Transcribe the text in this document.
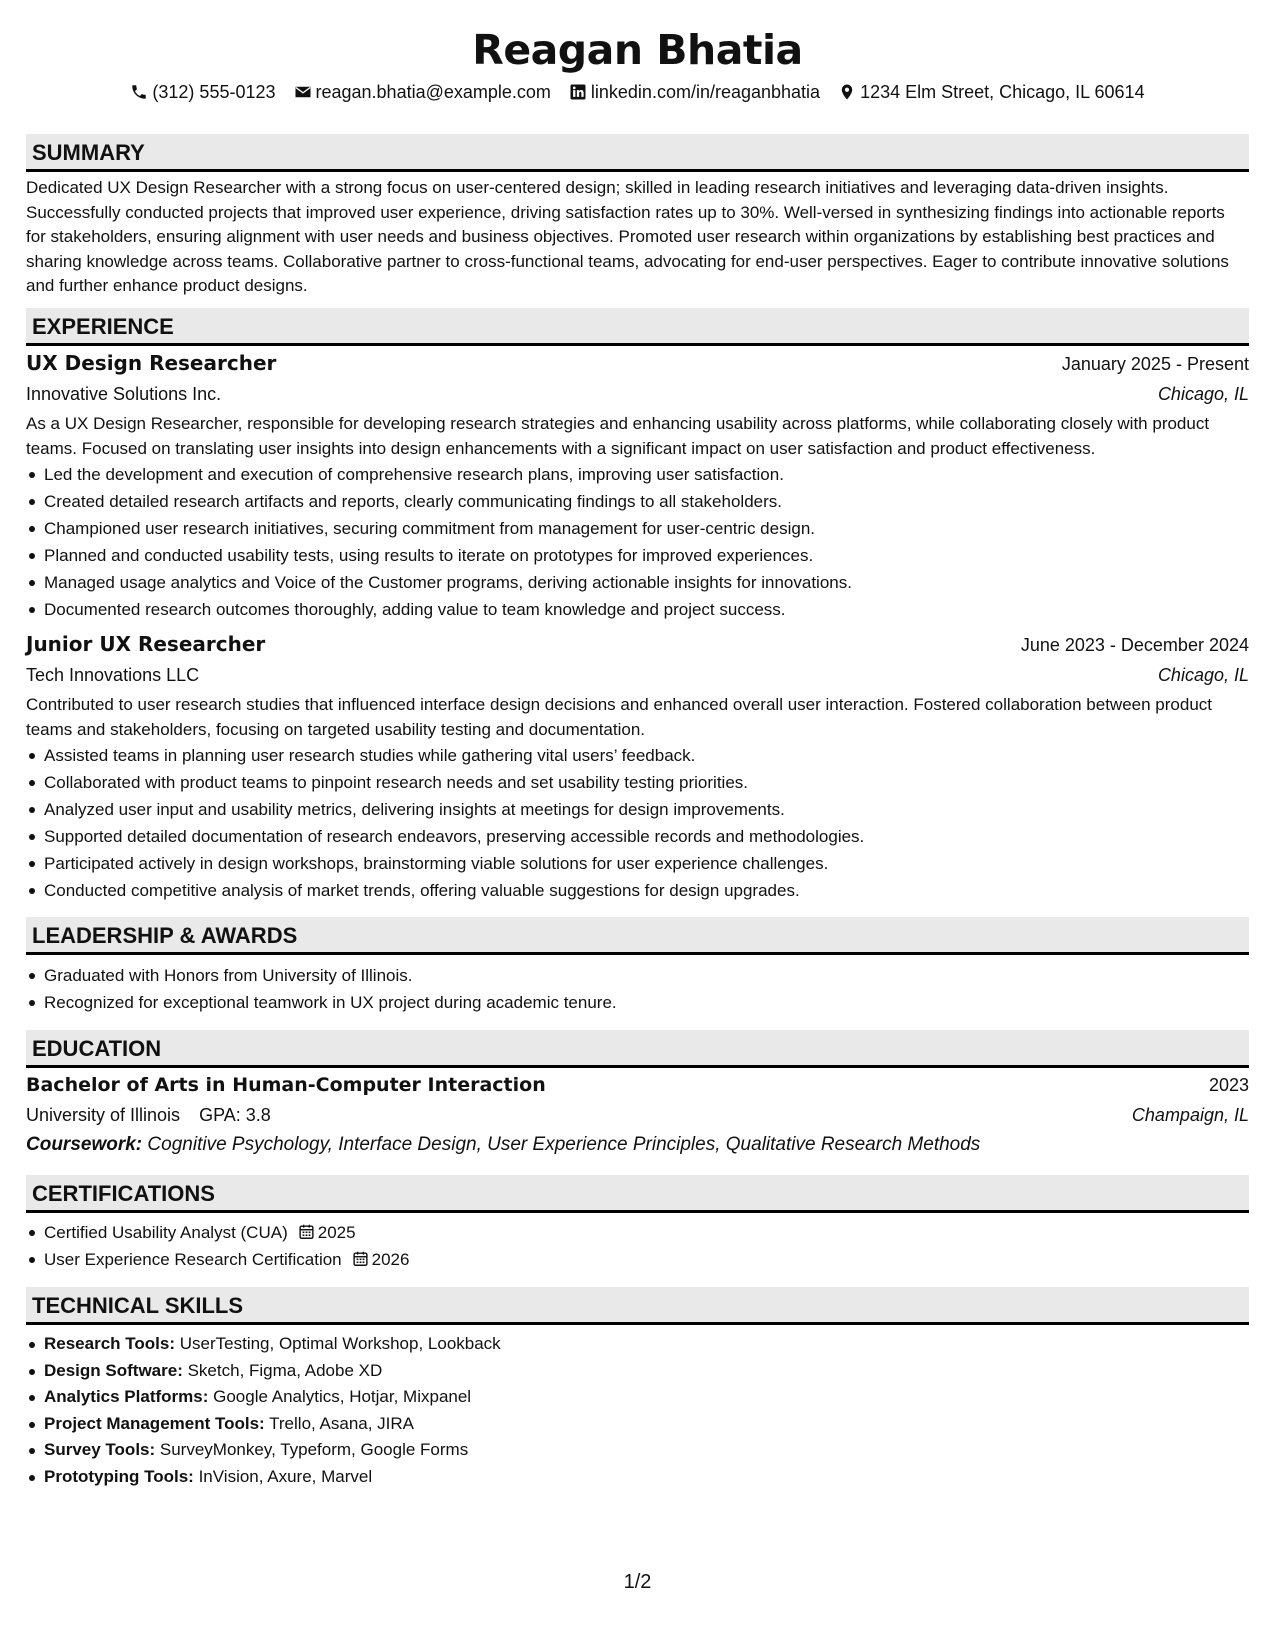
Reagan Bhatia
(312) 555-0123 reagan.bhatia@example.com linkedin.com/in/reaganbhatia 1234 Elm Street, Chicago, IL 60614
SUMMARY
Dedicated UX Design Researcher with a strong focus on user-centered design; skilled in leading research initiatives and leveraging data-driven insights. Successfully conducted projects that improved user experience, driving satisfaction rates up to 30%. Well-versed in synthesizing findings into actionable reports for stakeholders, ensuring alignment with user needs and business objectives. Promoted user research within organizations by establishing best practices and sharing knowledge across teams. Collaborative partner to cross-functional teams, advocating for end-user perspectives. Eager to contribute innovative solutions and further enhance product designs.
EXPERIENCE
UX Design Researcher	January 2025 - Present
Innovative Solutions Inc.	Chicago, IL
As a UX Design Researcher, responsible for developing research strategies and enhancing usability across platforms, while collaborating closely with product teams. Focused on translating user insights into design enhancements with a significant impact on user satisfaction and product effectiveness.
Led the development and execution of comprehensive research plans, improving user satisfaction.
Created detailed research artifacts and reports, clearly communicating findings to all stakeholders.
Championed user research initiatives, securing commitment from management for user-centric design.
Planned and conducted usability tests, using results to iterate on prototypes for improved experiences.
Managed usage analytics and Voice of the Customer programs, deriving actionable insights for innovations.
Documented research outcomes thoroughly, adding value to team knowledge and project success.
Junior UX Researcher	June 2023 - December 2024
Tech Innovations LLC	Chicago, IL
Contributed to user research studies that influenced interface design decisions and enhanced overall user interaction. Fostered collaboration between product teams and stakeholders, focusing on targeted usability testing and documentation.
Assisted teams in planning user research studies while gathering vital users’ feedback.
Collaborated with product teams to pinpoint research needs and set usability testing priorities.
Analyzed user input and usability metrics, delivering insights at meetings for design improvements.
Supported detailed documentation of research endeavors, preserving accessible records and methodologies.
Participated actively in design workshops, brainstorming viable solutions for user experience challenges.
Conducted competitive analysis of market trends, offering valuable suggestions for design upgrades.
LEADERSHIP & AWARDS
Graduated with Honors from University of Illinois.
Recognized for exceptional teamwork in UX project during academic tenure.
EDUCATION
Bachelor of Arts in Human-Computer Interaction	2023
University of Illinois GPA: 3.8	Champaign, IL
Coursework: Cognitive Psychology, Interface Design, User Experience Principles, Qualitative Research Methods
CERTIFICATIONS
Certified Usability Analyst (CUA) 2025
User Experience Research Certification 2026
TECHNICAL SKILLS
Research Tools: UserTesting, Optimal Workshop, Lookback
Design Software: Sketch, Figma, Adobe XD
Analytics Platforms: Google Analytics, Hotjar, Mixpanel
Project Management Tools: Trello, Asana, JIRA
Survey Tools: SurveyMonkey, Typeform, Google Forms
Prototyping Tools: InVision, Axure, Marvel
1/2
